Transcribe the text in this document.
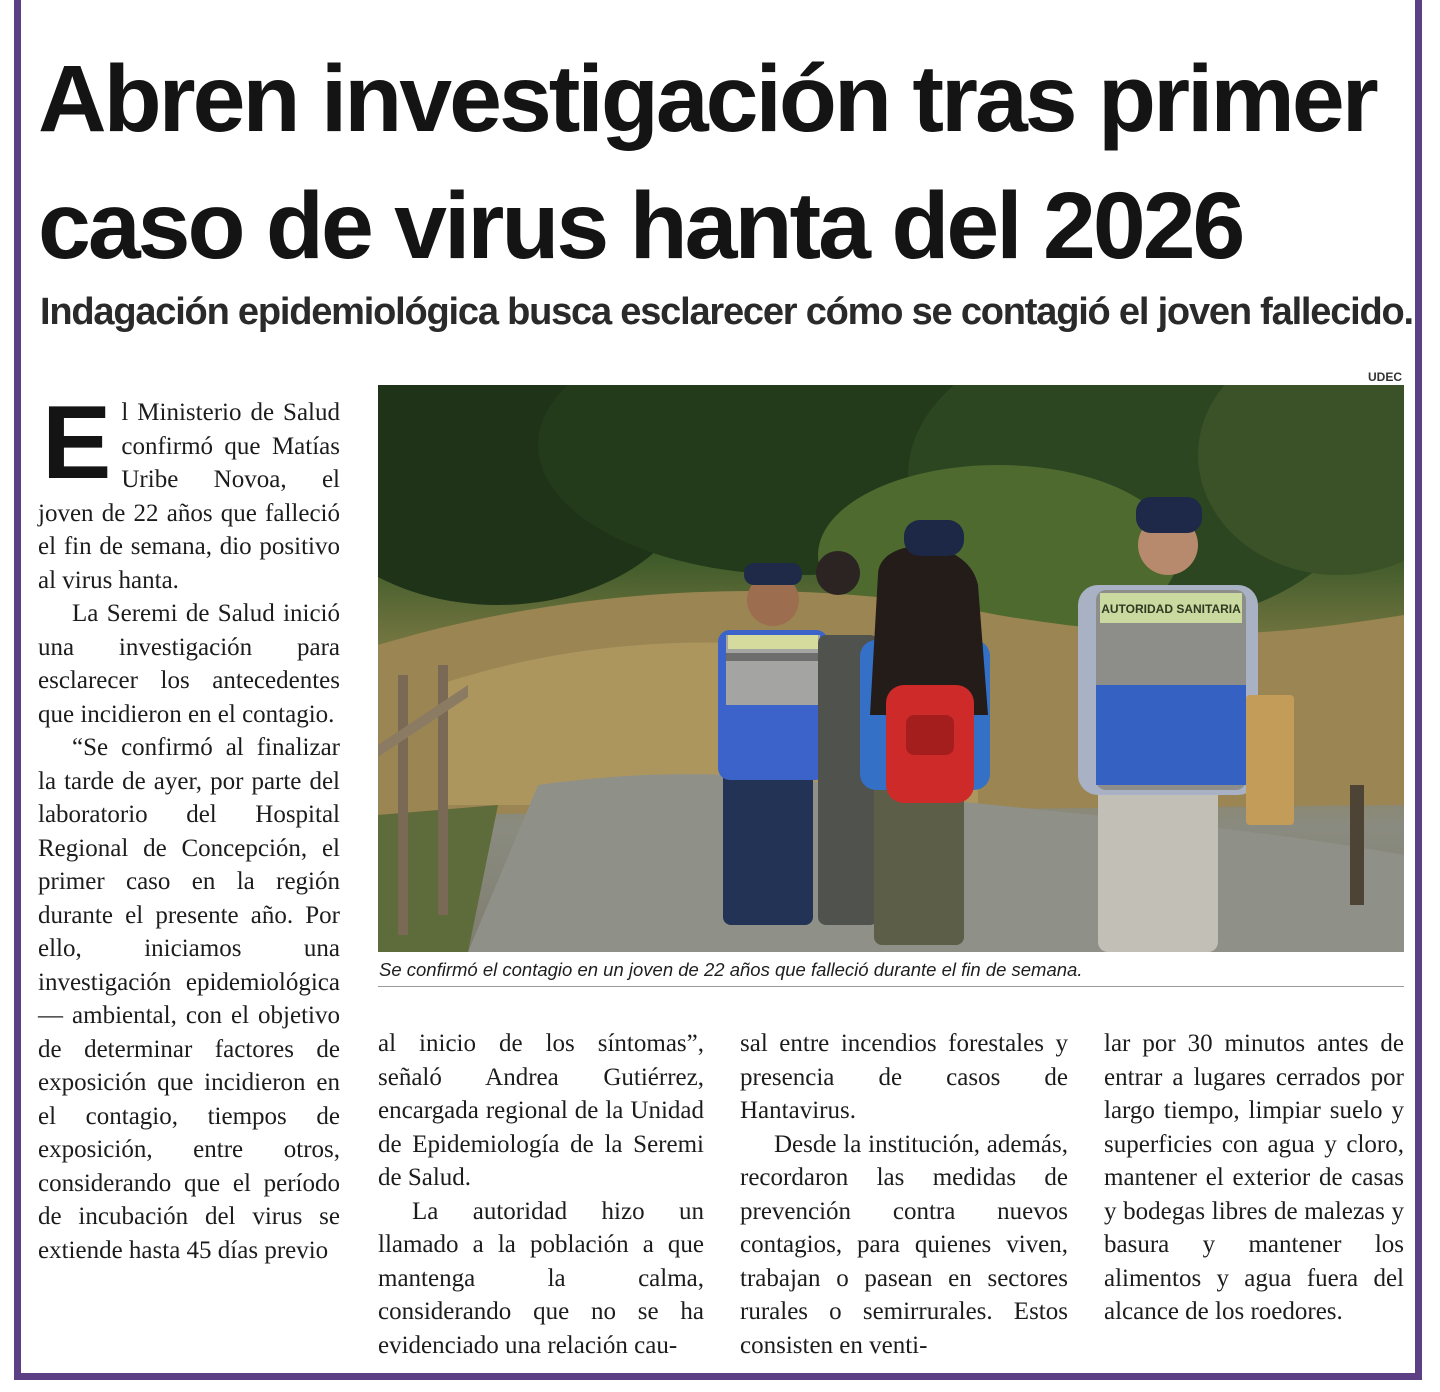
Abren investigación tras primer caso de virus hanta del 2026
Indagación epidemiológica busca esclarecer cómo se contagió el joven fallecido.
UDEC
AUTORIDAD SANITARIA

Se confirmó el contagio en un joven de 22 años que falleció durante el fin de semana.

El Ministerio de Salud confirmó que Matías Uribe Novoa, el joven de 22 años que falleció el fin de semana, dio positivo al virus hanta.

La Seremi de Salud inició una investigación para esclarecer los antecedentes que incidieron en el contagio.

“Se confirmó al finalizar la tarde de ayer, por parte del laboratorio del Hospital Regional de Concepción, el primer caso en la región durante el presente año. Por ello, iniciamos una investigación epidemiológica — ambiental, con el objetivo de determinar factores de exposición que incidieron en el contagio, tiempos de exposición, entre otros, considerando que el período de incubación del virus se extiende hasta 45 días previo

al inicio de los síntomas”, señaló Andrea Gutiérrez, encargada regional de la Unidad de Epidemiología de la Seremi de Salud.

La autoridad hizo un llamado a la población a que mantenga la calma, considerando que no se ha evidenciado una relación cau-

sal entre incendios forestales y presencia de casos de Hantavirus.

Desde la institución, además, recordaron las medidas de prevención contra nuevos contagios, para quienes viven, trabajan o pasean en sectores rurales o semirrurales. Estos consisten en venti-

lar por 30 minutos antes de entrar a lugares cerrados por largo tiempo, limpiar suelo y superficies con agua y cloro, mantener el exterior de casas y bodegas libres de malezas y basura y mantener los alimentos y agua fuera del alcance de los roedores.
